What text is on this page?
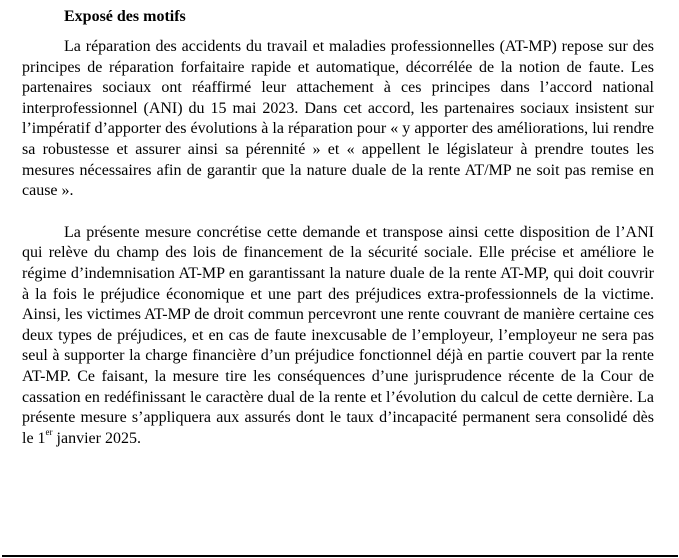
Exposé des motifs

La réparation des accidents du travail et maladies professionnelles (AT-MP) repose sur des principes de réparation forfaitaire rapide et automatique, décorrélée de la notion de faute. Les partenaires sociaux ont réaffirmé leur attachement à ces principes dans l’accord national interprofessionnel (ANI) du 15 mai 2023. Dans cet accord, les partenaires sociaux insistent sur l’impératif d’apporter des évolutions à la réparation pour « y apporter des améliorations, lui rendre sa robustesse et assurer ainsi sa pérennité » et « appellent le législateur à prendre toutes les mesures nécessaires afin de garantir que la nature duale de la rente AT/MP ne soit pas remise en cause ».

La présente mesure concrétise cette demande et transpose ainsi cette disposition de l’ANI qui relève du champ des lois de financement de la sécurité sociale. Elle précise et améliore le régime d’indemnisation AT-MP en garantissant la nature duale de la rente AT-MP, qui doit couvrir à la fois le préjudice économique et une part des préjudices extra-professionnels de la victime. Ainsi, les victimes AT-MP de droit commun percevront une rente couvrant de manière certaine ces deux types de préjudices, et en cas de faute inexcusable de l’employeur, l’employeur ne sera pas seul à supporter la charge financière d’un préjudice fonctionnel déjà en partie couvert par la rente AT-MP. Ce faisant, la mesure tire les conséquences d’une jurisprudence récente de la Cour de cassation en redéfinissant le caractère dual de la rente et l’évolution du calcul de cette dernière. La présente mesure s’appliquera aux assurés dont le taux d’incapacité permanent sera consolidé dès le 1er janvier 2025.
